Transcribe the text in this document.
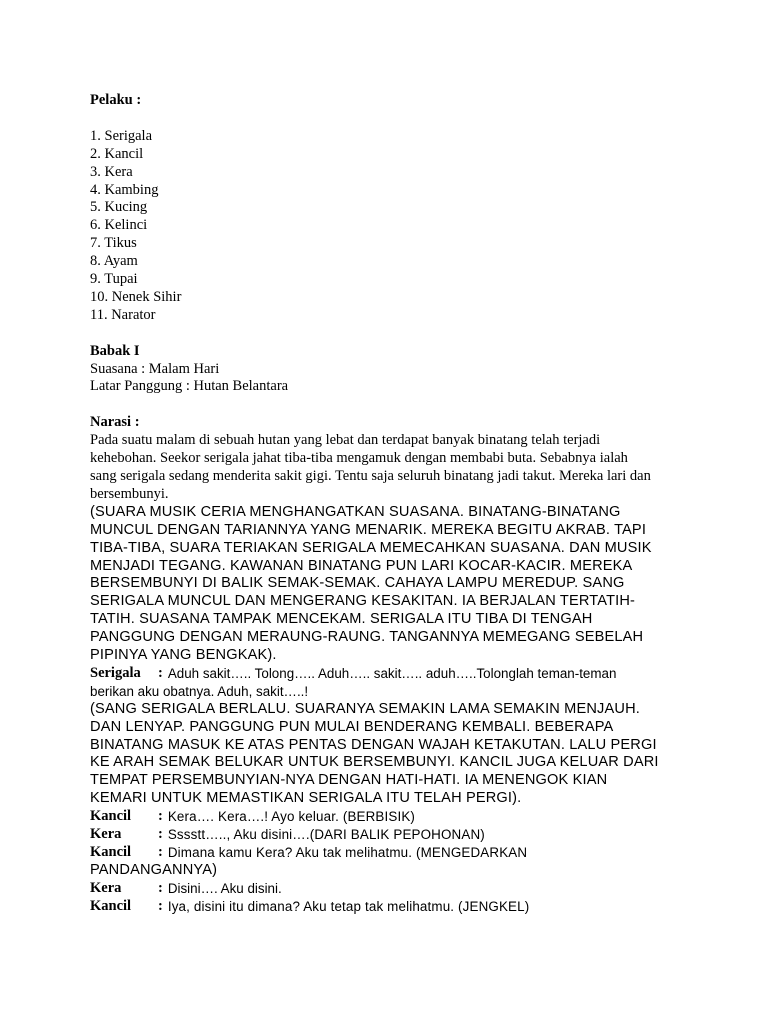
Pelaku :

1. Serigala

2. Kancil

3. Kera

4. Kambing

5. Kucing

6. Kelinci

7. Tikus

8. Ayam

9. Tupai

10. Nenek Sihir

11. Narator

Babak I

Suasana : Malam Hari

Latar Panggung : Hutan Belantara

Narasi :

Pada suatu malam di sebuah hutan yang lebat dan terdapat banyak binatang telah terjadi

kehebohan. Seekor serigala jahat tiba-tiba mengamuk dengan membabi buta. Sebabnya ialah

sang serigala sedang menderita sakit gigi. Tentu saja seluruh binatang jadi takut. Mereka lari dan

bersembunyi.

(SUARA MUSIK CERIA MENGHANGATKAN SUASANA. BINATANG-BINATANG

MUNCUL DENGAN TARIANNYA YANG MENARIK. MEREKA BEGITU AKRAB. TAPI

TIBA-TIBA, SUARA TERIAKAN SERIGALA MEMECAHKAN SUASANA. DAN MUSIK

MENJADI TEGANG. KAWANAN BINATANG PUN LARI KOCAR-KACIR. MEREKA

BERSEMBUNYI DI BALIK SEMAK-SEMAK. CAHAYA LAMPU MEREDUP. SANG

SERIGALA MUNCUL DAN MENGERANG KESAKITAN. IA BERJALAN TERTATIH-

TATIH. SUASANA TAMPAK MENCEKAM. SERIGALA ITU TIBA DI TENGAH

PANGGUNG DENGAN MERAUNG-RAUNG. TANGANNYA MEMEGANG SEBELAH

PIPINYA YANG BENGKAK).

Serigala	: Aduh sakit….. Tolong….. Aduh….. sakit….. aduh…..Tolonglah teman-teman
berikan aku obatnya. Aduh, sakit…..!

(SANG SERIGALA BERLALU. SUARANYA SEMAKIN LAMA SEMAKIN MENJAUH.

DAN LENYAP. PANGGUNG PUN MULAI BENDERANG KEMBALI. BEBERAPA

BINATANG MASUK KE ATAS PENTAS DENGAN WAJAH KETAKUTAN. LALU PERGI

KE ARAH SEMAK BELUKAR UNTUK BERSEMBUNYI. KANCIL JUGA KELUAR DARI

TEMPAT PERSEMBUNYIAN-NYA DENGAN HATI-HATI. IA MENENGOK KIAN

KEMARI UNTUK MEMASTIKAN SERIGALA ITU TELAH PERGI).

Kancil	: Kera…. Kera….! Ayo keluar. (BERBISIK)
Kera	: Sssstt….., Aku disini….(DARI BALIK PEPOHONAN)
Kancil	: Dimana kamu Kera? Aku tak melihatmu. (MENGEDARKAN
PANDANGANNYA)
Kera	: Disini…. Aku disini.
Kancil	: Iya, disini itu dimana? Aku tetap tak melihatmu. (JENGKEL)
